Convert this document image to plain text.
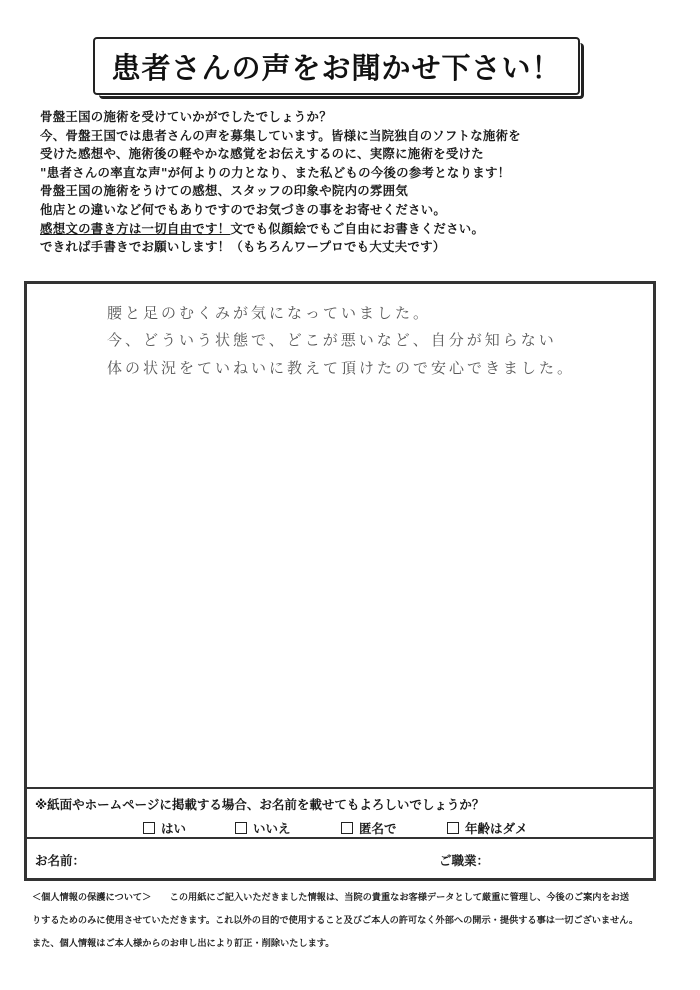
患者さんの声をお聞かせ下さい！

骨盤王国の施術を受けていかがでしたでしょうか？

今、骨盤王国では患者さんの声を募集しています。皆様に当院独自のソフトな施術を

受けた感想や、施術後の軽やかな感覚をお伝えするのに、実際に施術を受けた

"患者さんの率直な声"が何よりの力となり、また私どもの今後の参考となります！

骨盤王国の施術をうけての感想、スタッフの印象や院内の雰囲気

他店との違いなど何でもありですのでお気づきの事をお寄せください。

感想文の書き方は一切自由です！文でも似顔絵でもご自由にお書きください。

できれば手書きでお願いします！（もちろんワープロでも大丈夫です）

腰と足のむくみが気になっていました。
今、どういう状態で、どこが悪いなど、自分が知らない
体の状況をていねいに教えて頂けたので安心できました。
※紙面やホームページに掲載する場合、お名前を載せてもよろしいでしょうか？
はい	いいえ	匿名で	年齢はダメ
お名前：	ご職業：

＜個人情報の保護について＞　　この用紙にご記入いただきました情報は、当院の貴重なお客様データとして厳重に管理し、今後のご案内をお送

りするためのみに使用させていただきます。これ以外の目的で使用すること及びご本人の許可なく外部への開示・提供する事は一切ございません。

また、個人情報はご本人様からのお申し出により訂正・削除いたします。
